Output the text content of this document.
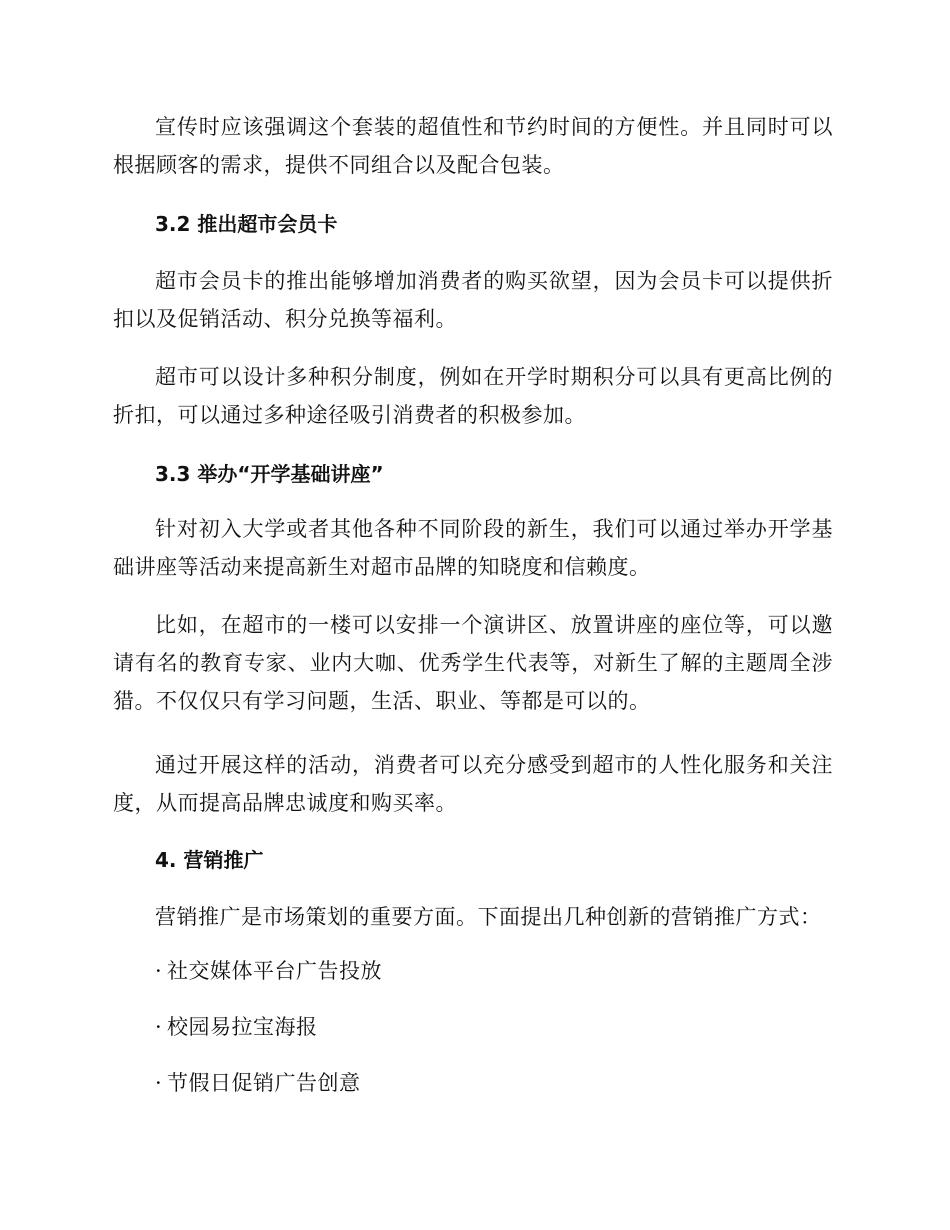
宣传时应该强调这个套装的超值性和节约时间的方便性。并且同时可以根据顾客的需求，提供不同组合以及配合包装。

3.2 推出超市会员卡

超市会员卡的推出能够增加消费者的购买欲望，因为会员卡可以提供折扣以及促销活动、积分兑换等福利。

超市可以设计多种积分制度，例如在开学时期积分可以具有更高比例的折扣，可以通过多种途径吸引消费者的积极参加。

3.3 举办“开学基础讲座”

针对初入大学或者其他各种不同阶段的新生，我们可以通过举办开学基础讲座等活动来提高新生对超市品牌的知晓度和信赖度。

比如，在超市的一楼可以安排一个演讲区、放置讲座的座位等，可以邀请有名的教育专家、业内大咖、优秀学生代表等，对新生了解的主题周全涉猎。不仅仅只有学习问题，生活、职业、等都是可以的。

通过开展这样的活动，消费者可以充分感受到超市的人性化服务和关注度，从而提高品牌忠诚度和购买率。

4. 营销推广

营销推广是市场策划的重要方面。下面提出几种创新的营销推广方式：

· 社交媒体平台广告投放

· 校园易拉宝海报

· 节假日促销广告创意
